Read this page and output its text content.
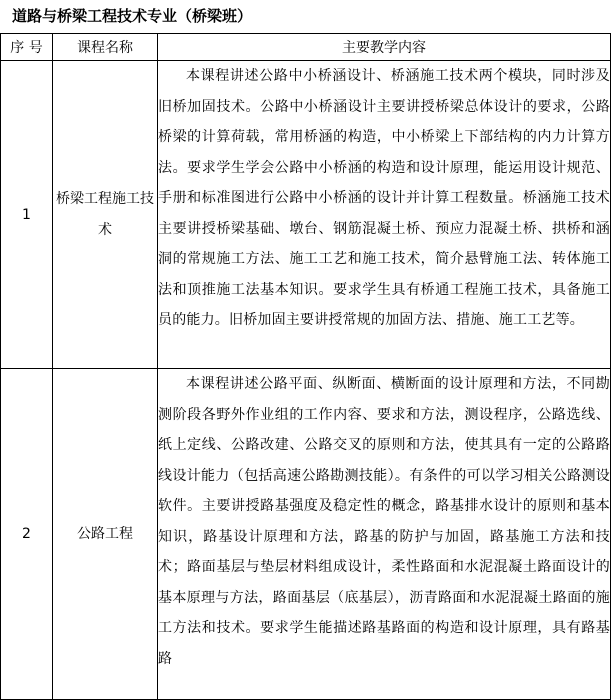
道路与桥梁工程技术专业（桥梁班）
序 号	课程名称	主要教学内容
1	桥梁工程施工技术	本课程讲述公路中小桥涵设计、桥涵施工技术两个模块，同时涉及旧桥加固技术。公路中小桥涵设计主要讲授桥梁总体设计的要求，公路桥梁的计算荷载，常用桥涵的构造，中小桥梁上下部结构的内力计算方法。要求学生学会公路中小桥涵的构造和设计原理，能运用设计规范、手册和标准图进行公路中小桥涵的设计并计算工程数量。桥涵施工技术主要讲授桥梁基础、墩台、钢筋混凝土桥、预应力混凝土桥、拱桥和涵洞的常规施工方法、施工工艺和施工技术，简介悬臂施工法、转体施工法和顶推施工法基本知识。要求学生具有桥通工程施工技术，具备施工员的能力。旧桥加固主要讲授常规的加固方法、措施、施工工艺等。

2	公路工程	本课程讲述公路平面、纵断面、横断面的设计原理和方法，不同勘测阶段各野外作业组的工作内容、要求和方法，测设程序，公路选线、纸上定线、公路改建、公路交叉的原则和方法，使其具有一定的公路路线设计能力（包括高速公路勘测技能）。有条件的可以学习相关公路测设软件。主要讲授路基强度及稳定性的概念，路基排水设计的原则和基本知识，路基设计原理和方法，路基的防护与加固，路基施工方法和技术；路面基层与垫层材料组成设计，柔性路面和水泥混凝土路面设计的基本原理与方法，路面基层（底基层），沥青路面和水泥混凝土路面的施工方法和技术。要求学生能描述路基路面的构造和设计原理，具有路基路
